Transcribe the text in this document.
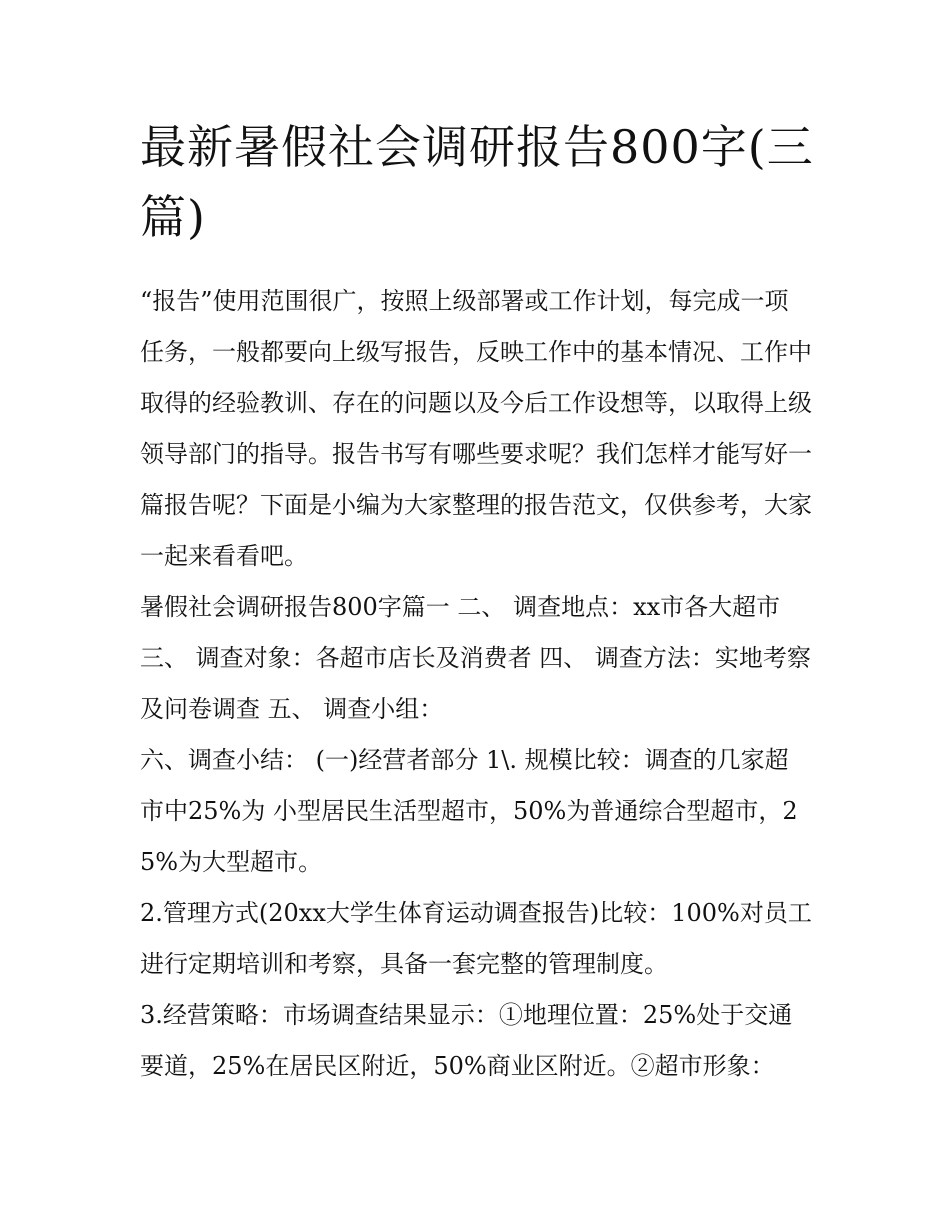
最新暑假社会调研报告800字(三篇)

“报告”使用范围很广，按照上级部署或工作计划，每完成一项任务，一般都要向上级写报告，反映工作中的基本情况、工作中取得的经验教训、存在的问题以及今后工作设想等，以取得上级领导部门的指导。报告书写有哪些要求呢？我们怎样才能写好一篇报告呢？下面是小编为大家整理的报告范文，仅供参考，大家一起来看看吧。

暑假社会调研报告800字篇一 二、 调查地点：xx市各大超市 三、 调查对象：各超市店长及消费者 四、 调查方法：实地考察及问卷调查 五、 调查小组：

六、调查小结： (一)经营者部分 1\. 规模比较：调查的几家超市中25%为 小型居民生活型超市，50%为普通综合型超市，25%为大型超市。

2.管理方式(20xx大学生体育运动调查报告)比较：100%对员工进行定期培训和考察，具备一套完整的管理制度。

3.经营策略：市场调查结果显示：①地理位置：25%处于交通要道，25%在居民区附近，50%商业区附近。②超市形象：
